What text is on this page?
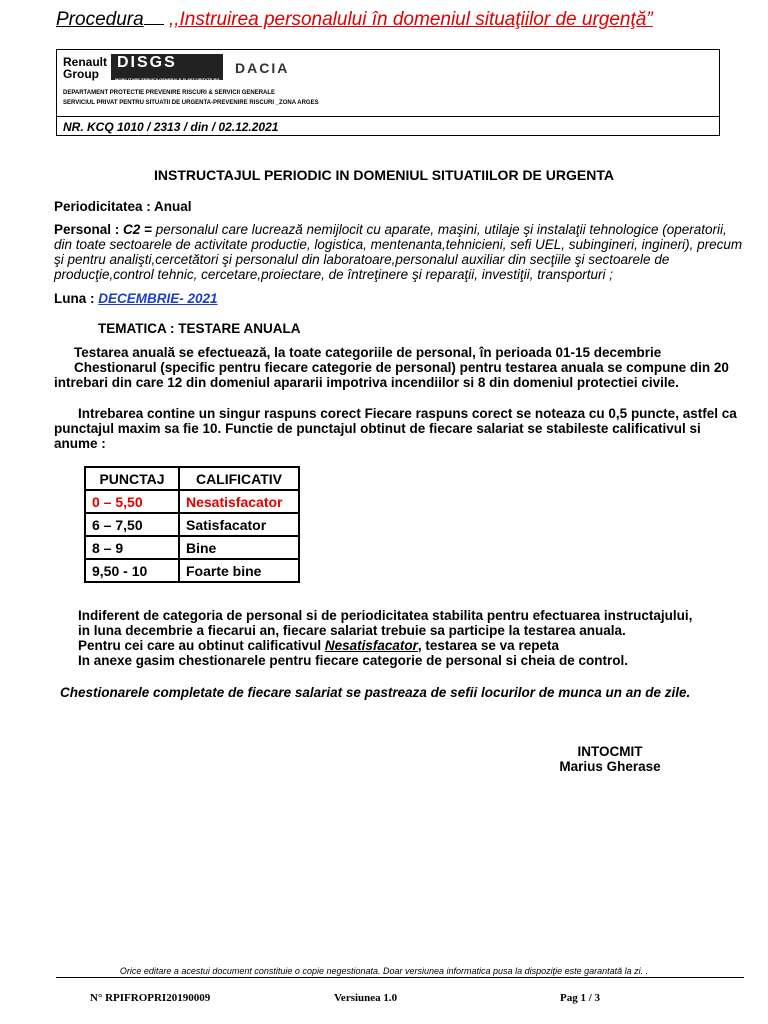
Procedura ,,Instruirea personalului în domeniul situaţiilor de urgenţă”
Renault
Group
DISGS
MOBILIZARE SERVICII GENERALE SI SECURITATE RG
DACIA
DEPARTAMENT PROTECTIE PREVENIRE RISCURI & SERVICII GENERALE
SERVICIUL PRIVAT PENTRU SITUATII DE URGENTA-PREVENIRE RISCURI _ZONA ARGES
NR. KCQ 1010 / 2313 / din / 02.12.2021
INSTRUCTAJUL PERIODIC IN DOMENIUL SITUATIILOR DE URGENTA
Periodicitatea : Anual
Personal : C2 = personalul care lucrează nemijlocit cu aparate, maşini, utilaje şi instalaţii tehnologice (operatorii, din toate sectoarele de activitate productie, logistica, mentenanta,tehnicieni, sefi UEL, subingineri, ingineri), precum şi pentru analişti,cercetători şi personalul din laboratoare,personalul auxiliar din secţiile şi sectoarele de producţie,control tehnic, cercetare,proiectare, de întreţinere şi reparaţii, investiţii, transporturi ;
Luna : DECEMBRIE- 2021
TEMATICA : TESTARE ANUALA
Testarea anuală se efectuează, la toate categoriile de personal, în perioada 01-15 decembrie
Chestionarul (specific pentru fiecare categorie de personal) pentru testarea anuala se compune din 20 intrebari din care 12 din domeniul apararii impotriva incendiilor si 8 din domeniul protectiei civile.
Intrebarea contine un singur raspuns corect Fiecare raspuns corect se noteaza cu 0,5 puncte, astfel ca punctajul maxim sa fie 10. Functie de punctajul obtinut de fiecare salariat se stabileste calificativul si anume :
PUNCTAJ	CALIFICATIV
0 – 5,50	Nesatisfacator
6 – 7,50	Satisfacator
8 – 9	Bine
9,50 - 10	Foarte bine
Indiferent de categoria de personal si de periodicitatea stabilita pentru efectuarea instructajului,
in luna decembrie a fiecarui an, fiecare salariat trebuie sa participe la testarea anuala.
Pentru cei care au obtinut calificativul Nesatisfacator, testarea se va repeta
In anexe gasim chestionarele pentru fiecare categorie de personal si cheia de control.
Chestionarele completate de fiecare salariat se pastreaza de sefii locurilor de munca un an de zile.
INTOCMIT
Marius Gherase
Orice editare a acestui document constituie o copie negestionata. Doar versiunea informatica pusa la dispoziţie este garantată la zi. .
N° RPIFROPRI20190009	Versiunea 1.0	Pag 1 / 3
